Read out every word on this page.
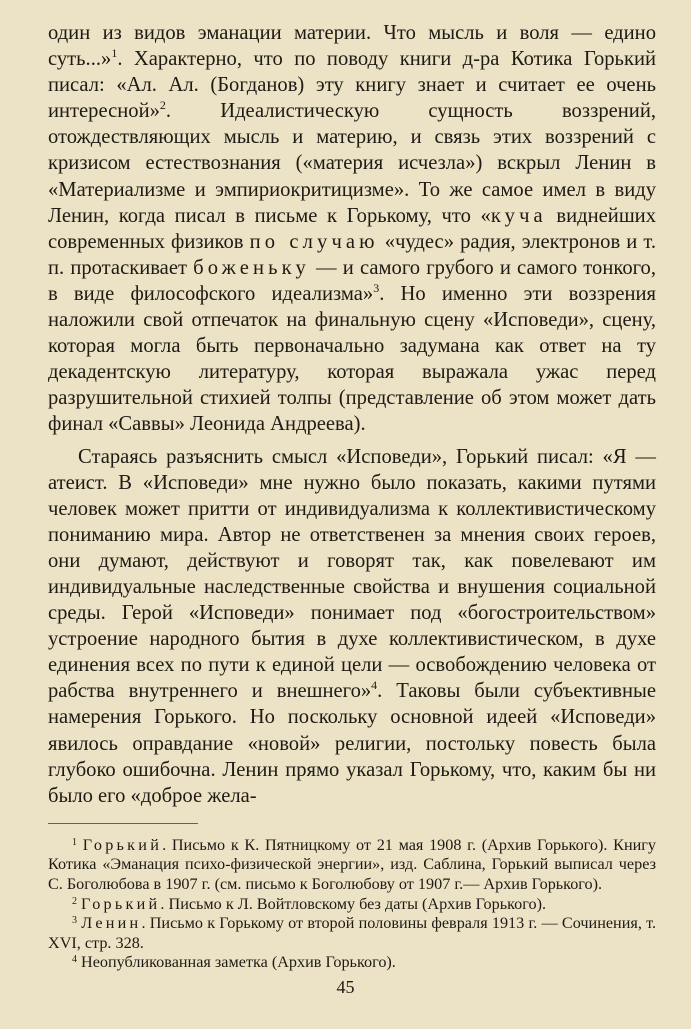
один из видов эманации материи. Что мысль и воля — едино суть...»$^1$. Характерно, что по поводу книги д-ра Котика Горький писал: «Ал. Ал. (Богданов) эту книгу знает и считает ее очень интересной»$^2$. Идеалистическую сущность воззрений, отождествляющих мысль и материю, и связь этих воззрений с кризисом естествознания («материя исчезла») вскрыл Ленин в «Материализме и эмпириокритицизме». То же самое имел в виду Ленин, когда писал в письме к Горькому, что «куча виднейших современных физиков по случаю «чудес» радия, электронов и т. п. протаскивает боженьку — и самого грубого и самого тонкого, в виде философского идеализма»$^3$. Но именно эти воззрения наложили свой отпечаток на финальную сцену «Исповеди», сцену, которая могла быть первоначально задумана как ответ на ту декадентскую литературу, которая выражала ужас перед разрушительной стихией толпы (представление об этом может дать финал «Саввы» Леонида Андреева).

Стараясь разъяснить смысл «Исповеди», Горький писал: «Я — атеист. В «Исповеди» мне нужно было показать, какими путями человек может притти от индивидуализма к коллективистическому пониманию мира. Автор не ответственен за мнения своих героев, они думают, действуют и говорят так, как повелевают им индивидуальные наследственные свойства и внушения социальной среды. Герой «Исповеди» понимает под «богостроительством» устроение народного бытия в духе коллективистическом, в духе единения всех по пути к единой цели — освобождению человека от рабства внутреннего и внешнего»$^4$. Таковы были субъективные намерения Горького. Но поскольку основной идеей «Исповеди» явилось оправдание «новой» религии, постольку повесть была глубоко ошибочна. Ленин прямо указал Горькому, что, каким бы ни было его «доброе жела-

$^1$ Горький. Письмо к К. Пятницкому от 21 мая 1908 г. (Архив Горького). Книгу Котика «Эманация психо-физической энергии», изд. Саблина, Горький выписал через С. Боголюбова в 1907 г. (см. письмо к Боголюбову от 1907 г.— Архив Горького).

$^2$ Горький. Письмо к Л. Войтловскому без даты (Архив Горького).

$^3$ Ленин. Письмо к Горькому от второй половины февраля 1913 г. — Сочинения, т. XVI, стр. 328.

$^4$ Неопубликованная заметка (Архив Горького).

45
